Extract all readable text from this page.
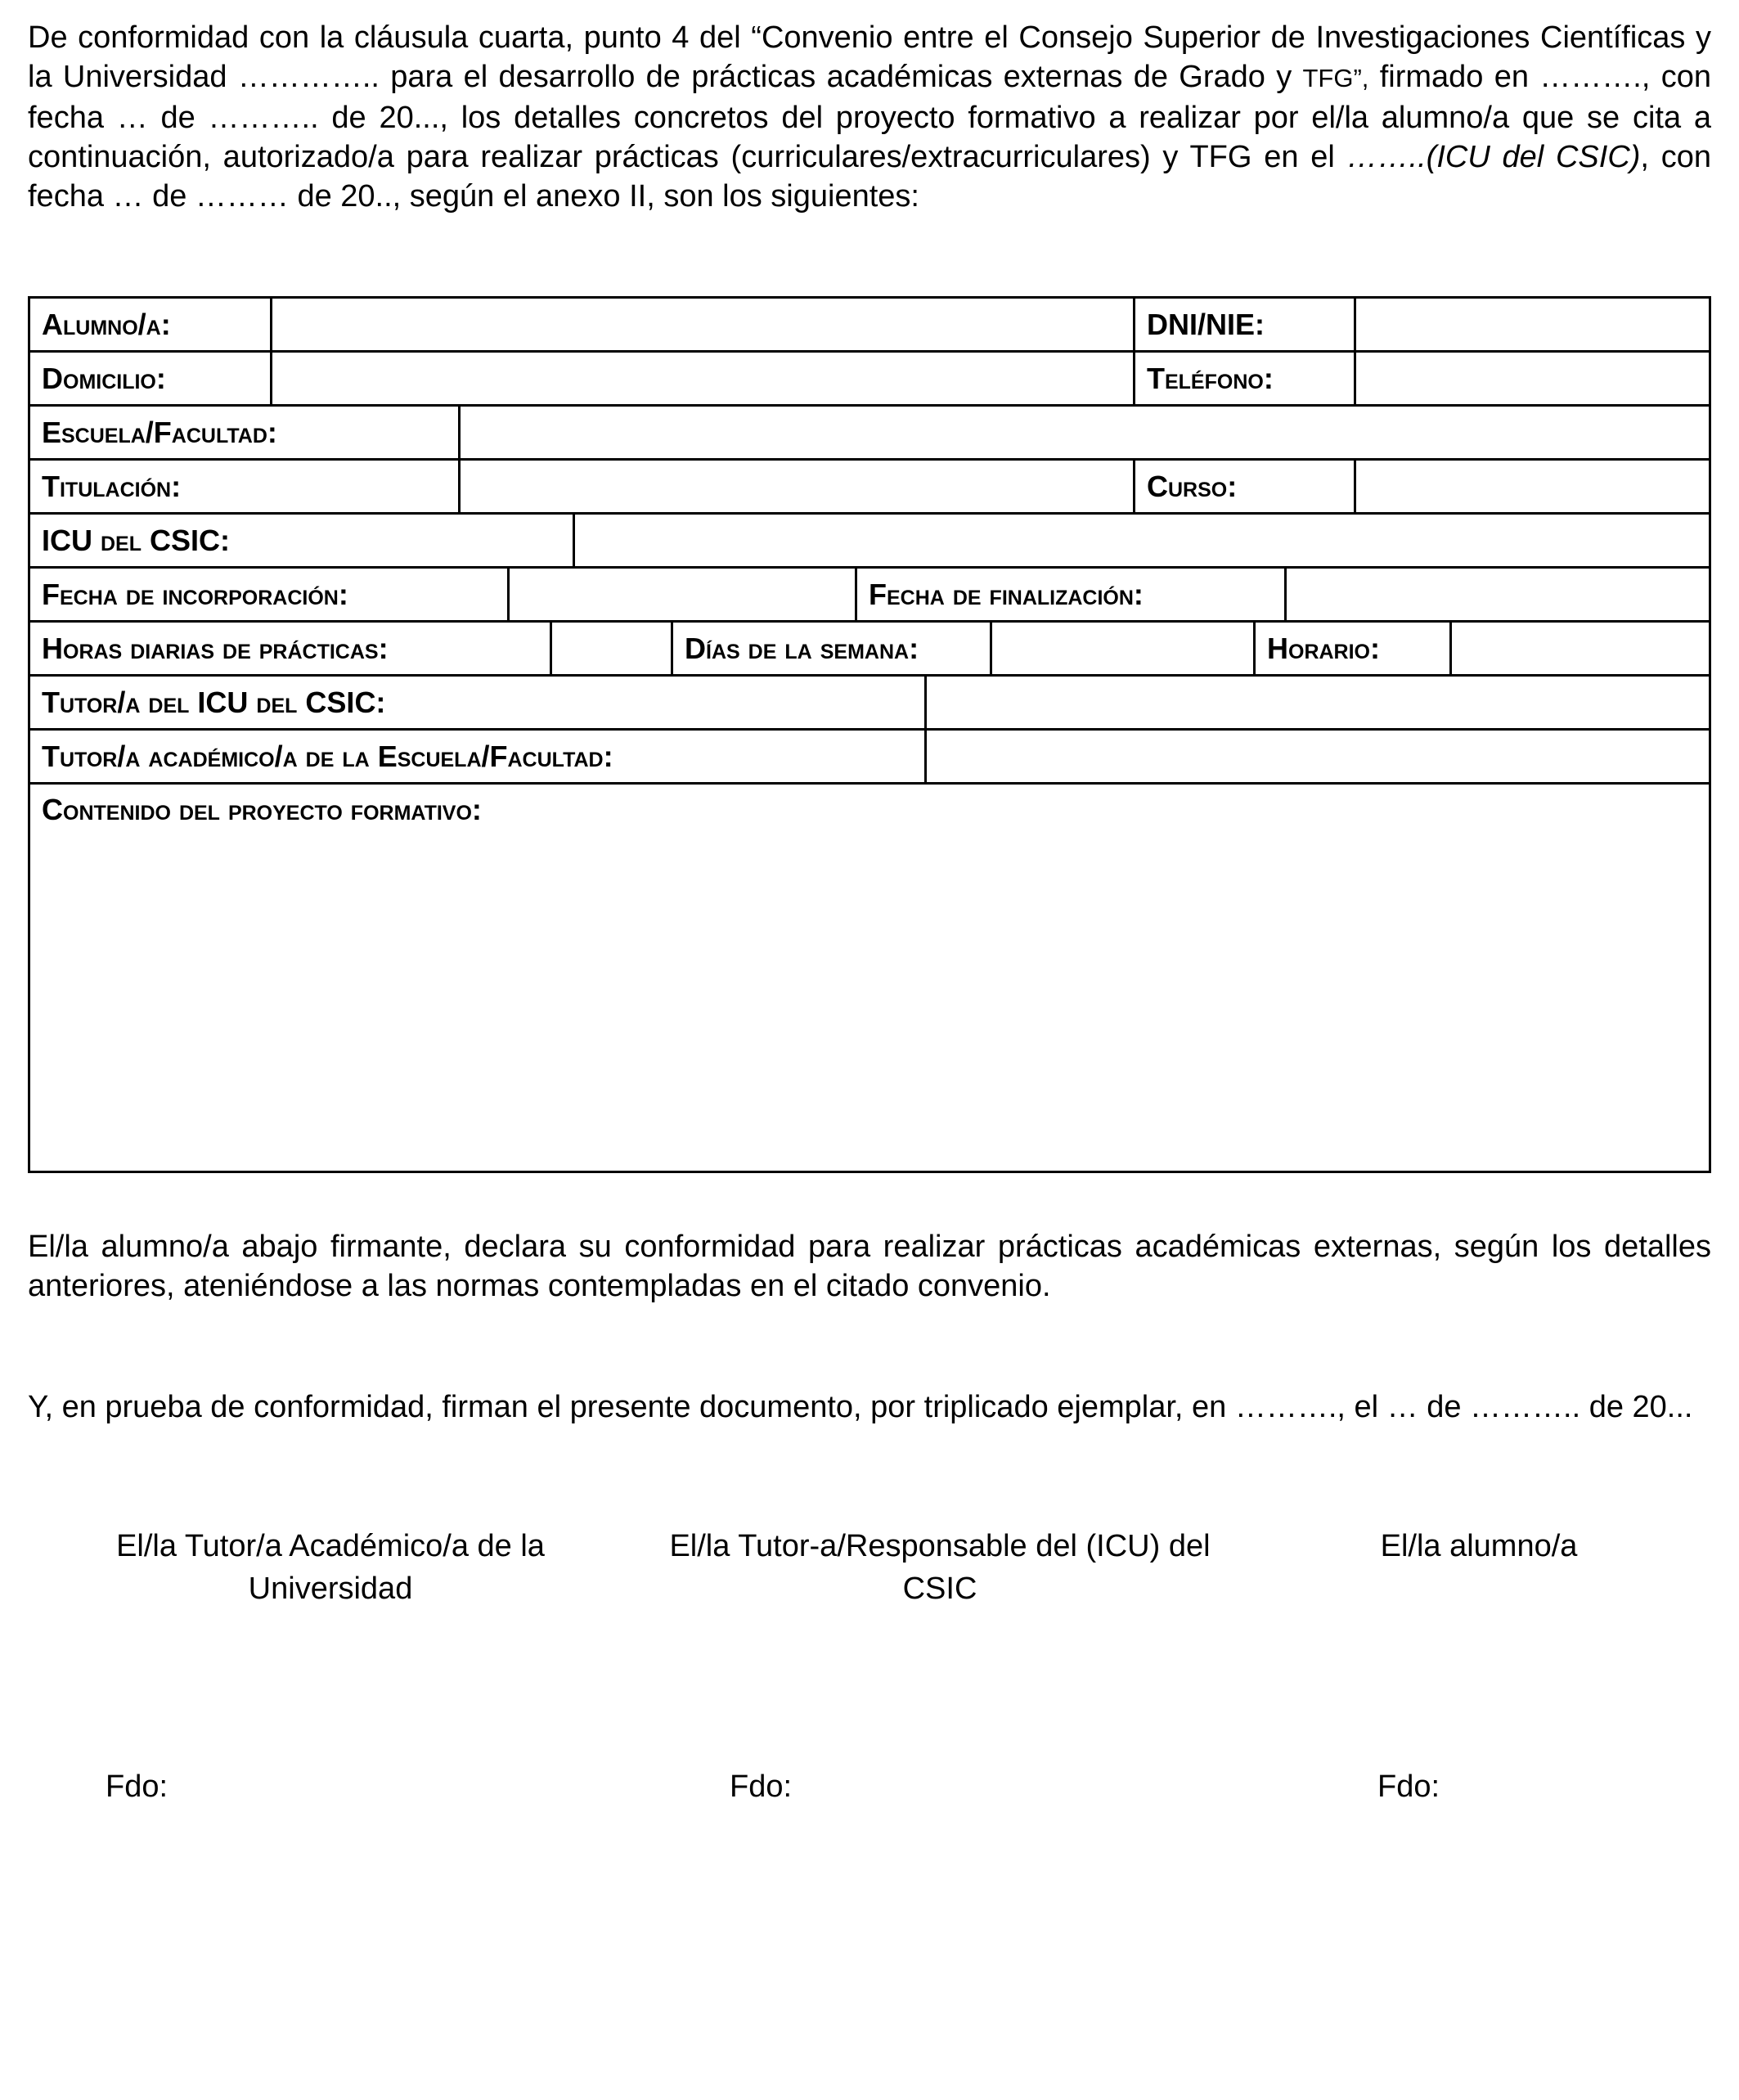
De conformidad con la cláusula cuarta, punto 4 del “Convenio entre el Consejo Superior de Investigaciones Científicas y la Universidad ………….. para el desarrollo de prácticas académicas externas de Grado y TFG”, firmado en ………., con fecha … de ……….. de 20..., los detalles concretos del proyecto formativo a realizar por el/la alumno/a que se cita a continuación, autorizado/a para realizar prácticas (curriculares/extracurriculares) y TFG en el ……..(ICU del CSIC), con fecha … de ……… de 20.., según el anexo II, son los siguientes:

Alumno/a:	DNI/NIE:
Domicilio:	Teléfono:
Escuela/Facultad:
Titulación:	Curso:
ICU del CSIC:
Fecha de incorporación:	Fecha de finalización:
Horas diarias de prácticas:	Días de la semana:	Horario:
Tutor/a del ICU del CSIC:
Tutor/a académico/a de la Escuela/Facultad:
Contenido del proyecto formativo:

El/la alumno/a abajo firmante, declara su conformidad para realizar prácticas académicas externas, según los detalles anteriores, ateniéndose a las normas contempladas en el citado convenio.

Y, en prueba de conformidad, firman el presente documento, por triplicado ejemplar, en ………., el … de ……….. de 20...

El/la Tutor/a Académico/a de la Universidad
El/la Tutor-a/Responsable del (ICU) del CSIC
El/la alumno/a
Fdo:	Fdo:	Fdo:
